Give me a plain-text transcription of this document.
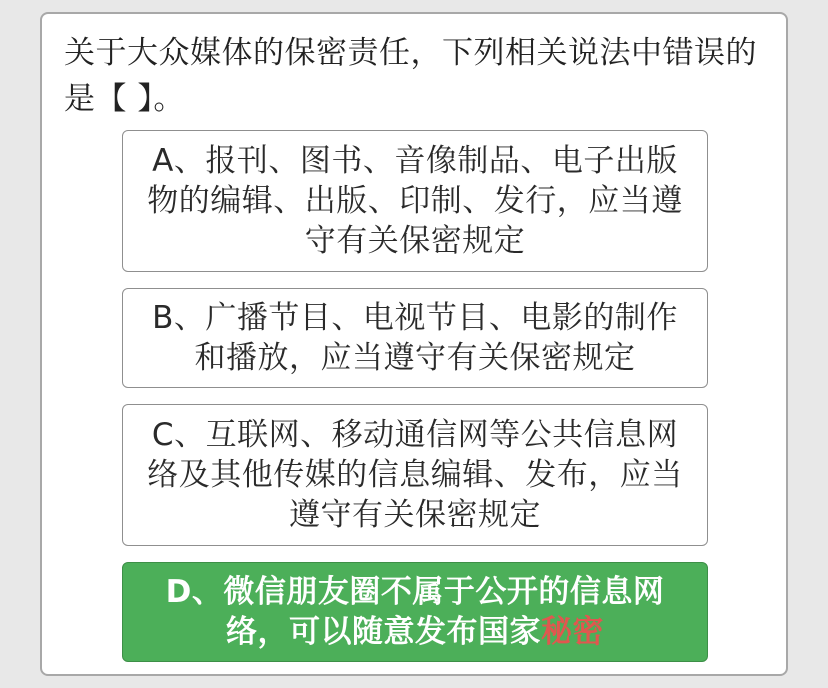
关于大众媒体的保密责任，下列相关说法中错误的是【 】。
A、报刊、图书、音像制品、电子出版物的编辑、出版、印制、发行，应当遵守有关保密规定
B、广播节目、电视节目、电影的制作和播放，应当遵守有关保密规定
C、互联网、移动通信网等公共信息网络及其他传媒的信息编辑、发布，应当遵守有关保密规定
D、微信朋友圈不属于公开的信息网络，可以随意发布国家秘密
